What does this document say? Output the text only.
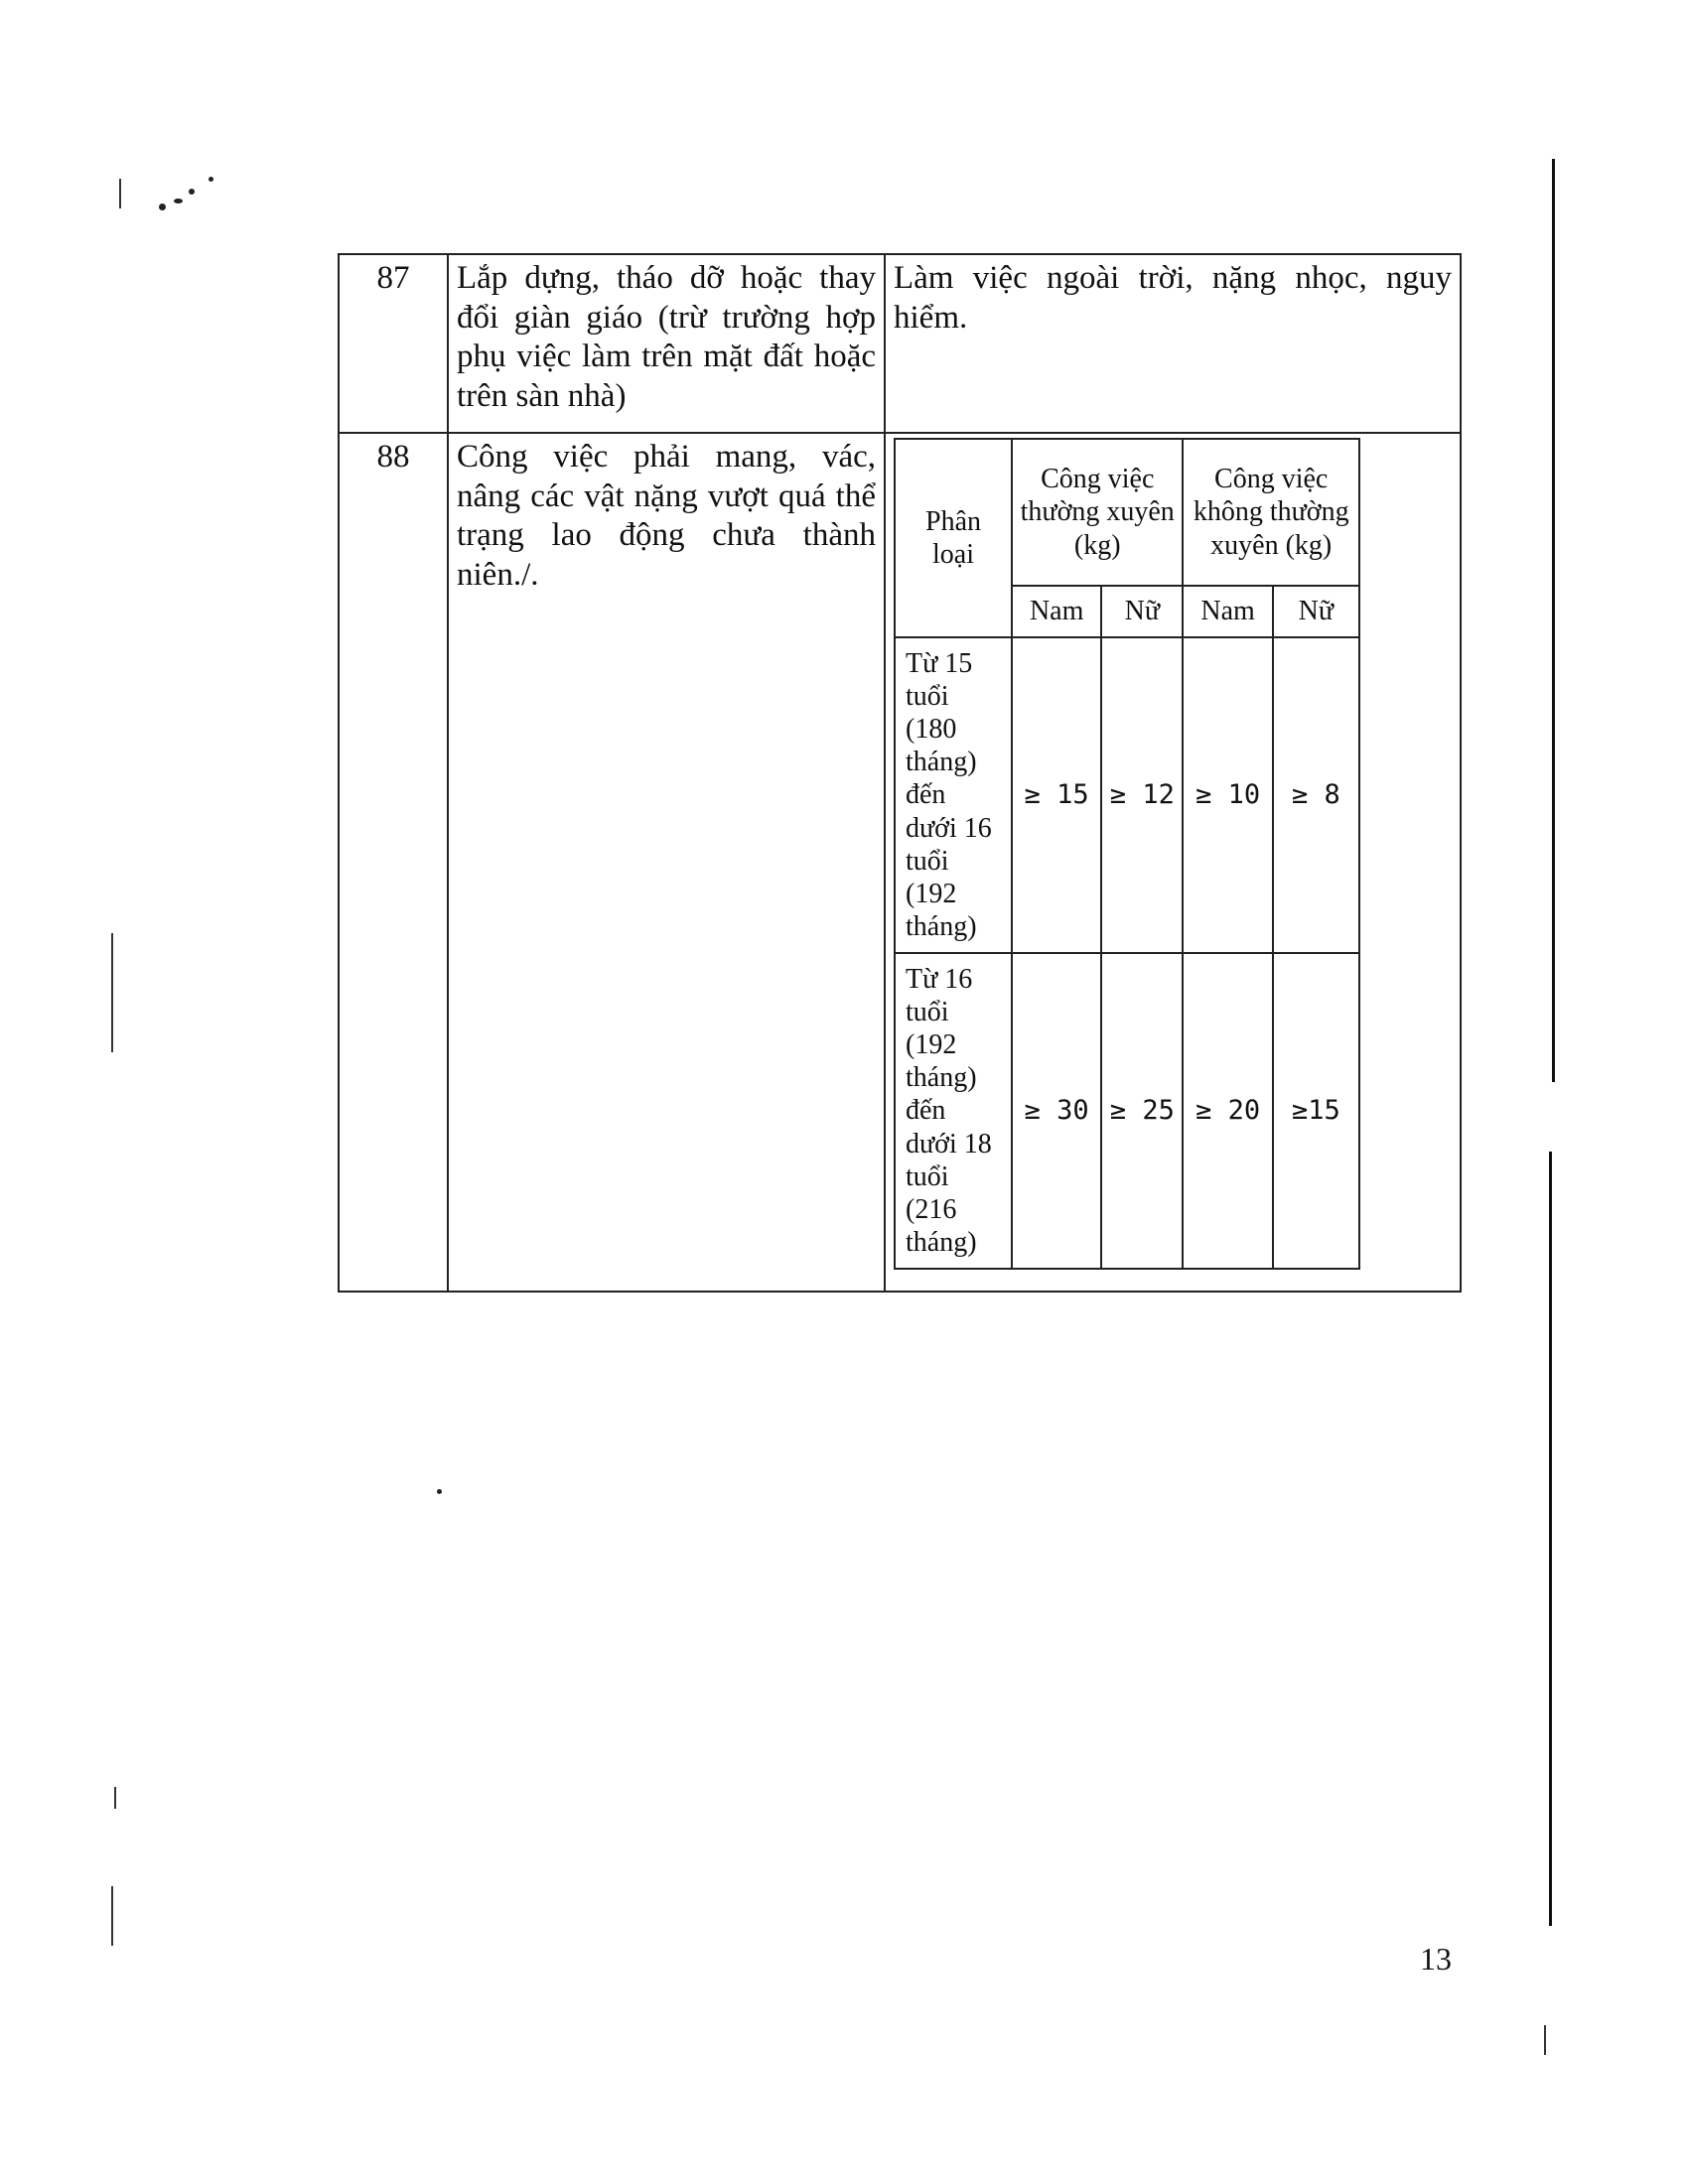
87	Lắp dựng, tháo dỡ hoặc thay đổi giàn giáo (trừ trường hợp phụ việc làm trên mặt đất hoặc trên sàn nhà)	Làm việc ngoài trời, nặng nhọc, nguy hiểm.
88	Công việc phải mang, vác, nâng các vật nặng vượt quá thể trạng lao động chưa thành niên./.	
Phân loại	Công việc thường xuyên (kg)	Công việc không thường xuyên (kg)
Nam	Nữ	Nam	Nữ
Từ 15 tuổi (180 tháng) đến dưới 16 tuổi (192 tháng)	≥ 15	≥ 12	≥ 10	≥ 8
Từ 16 tuổi (192 tháng) đến dưới 18 tuổi (216 tháng)	≥ 30	≥ 25	≥ 20	≥15
13
